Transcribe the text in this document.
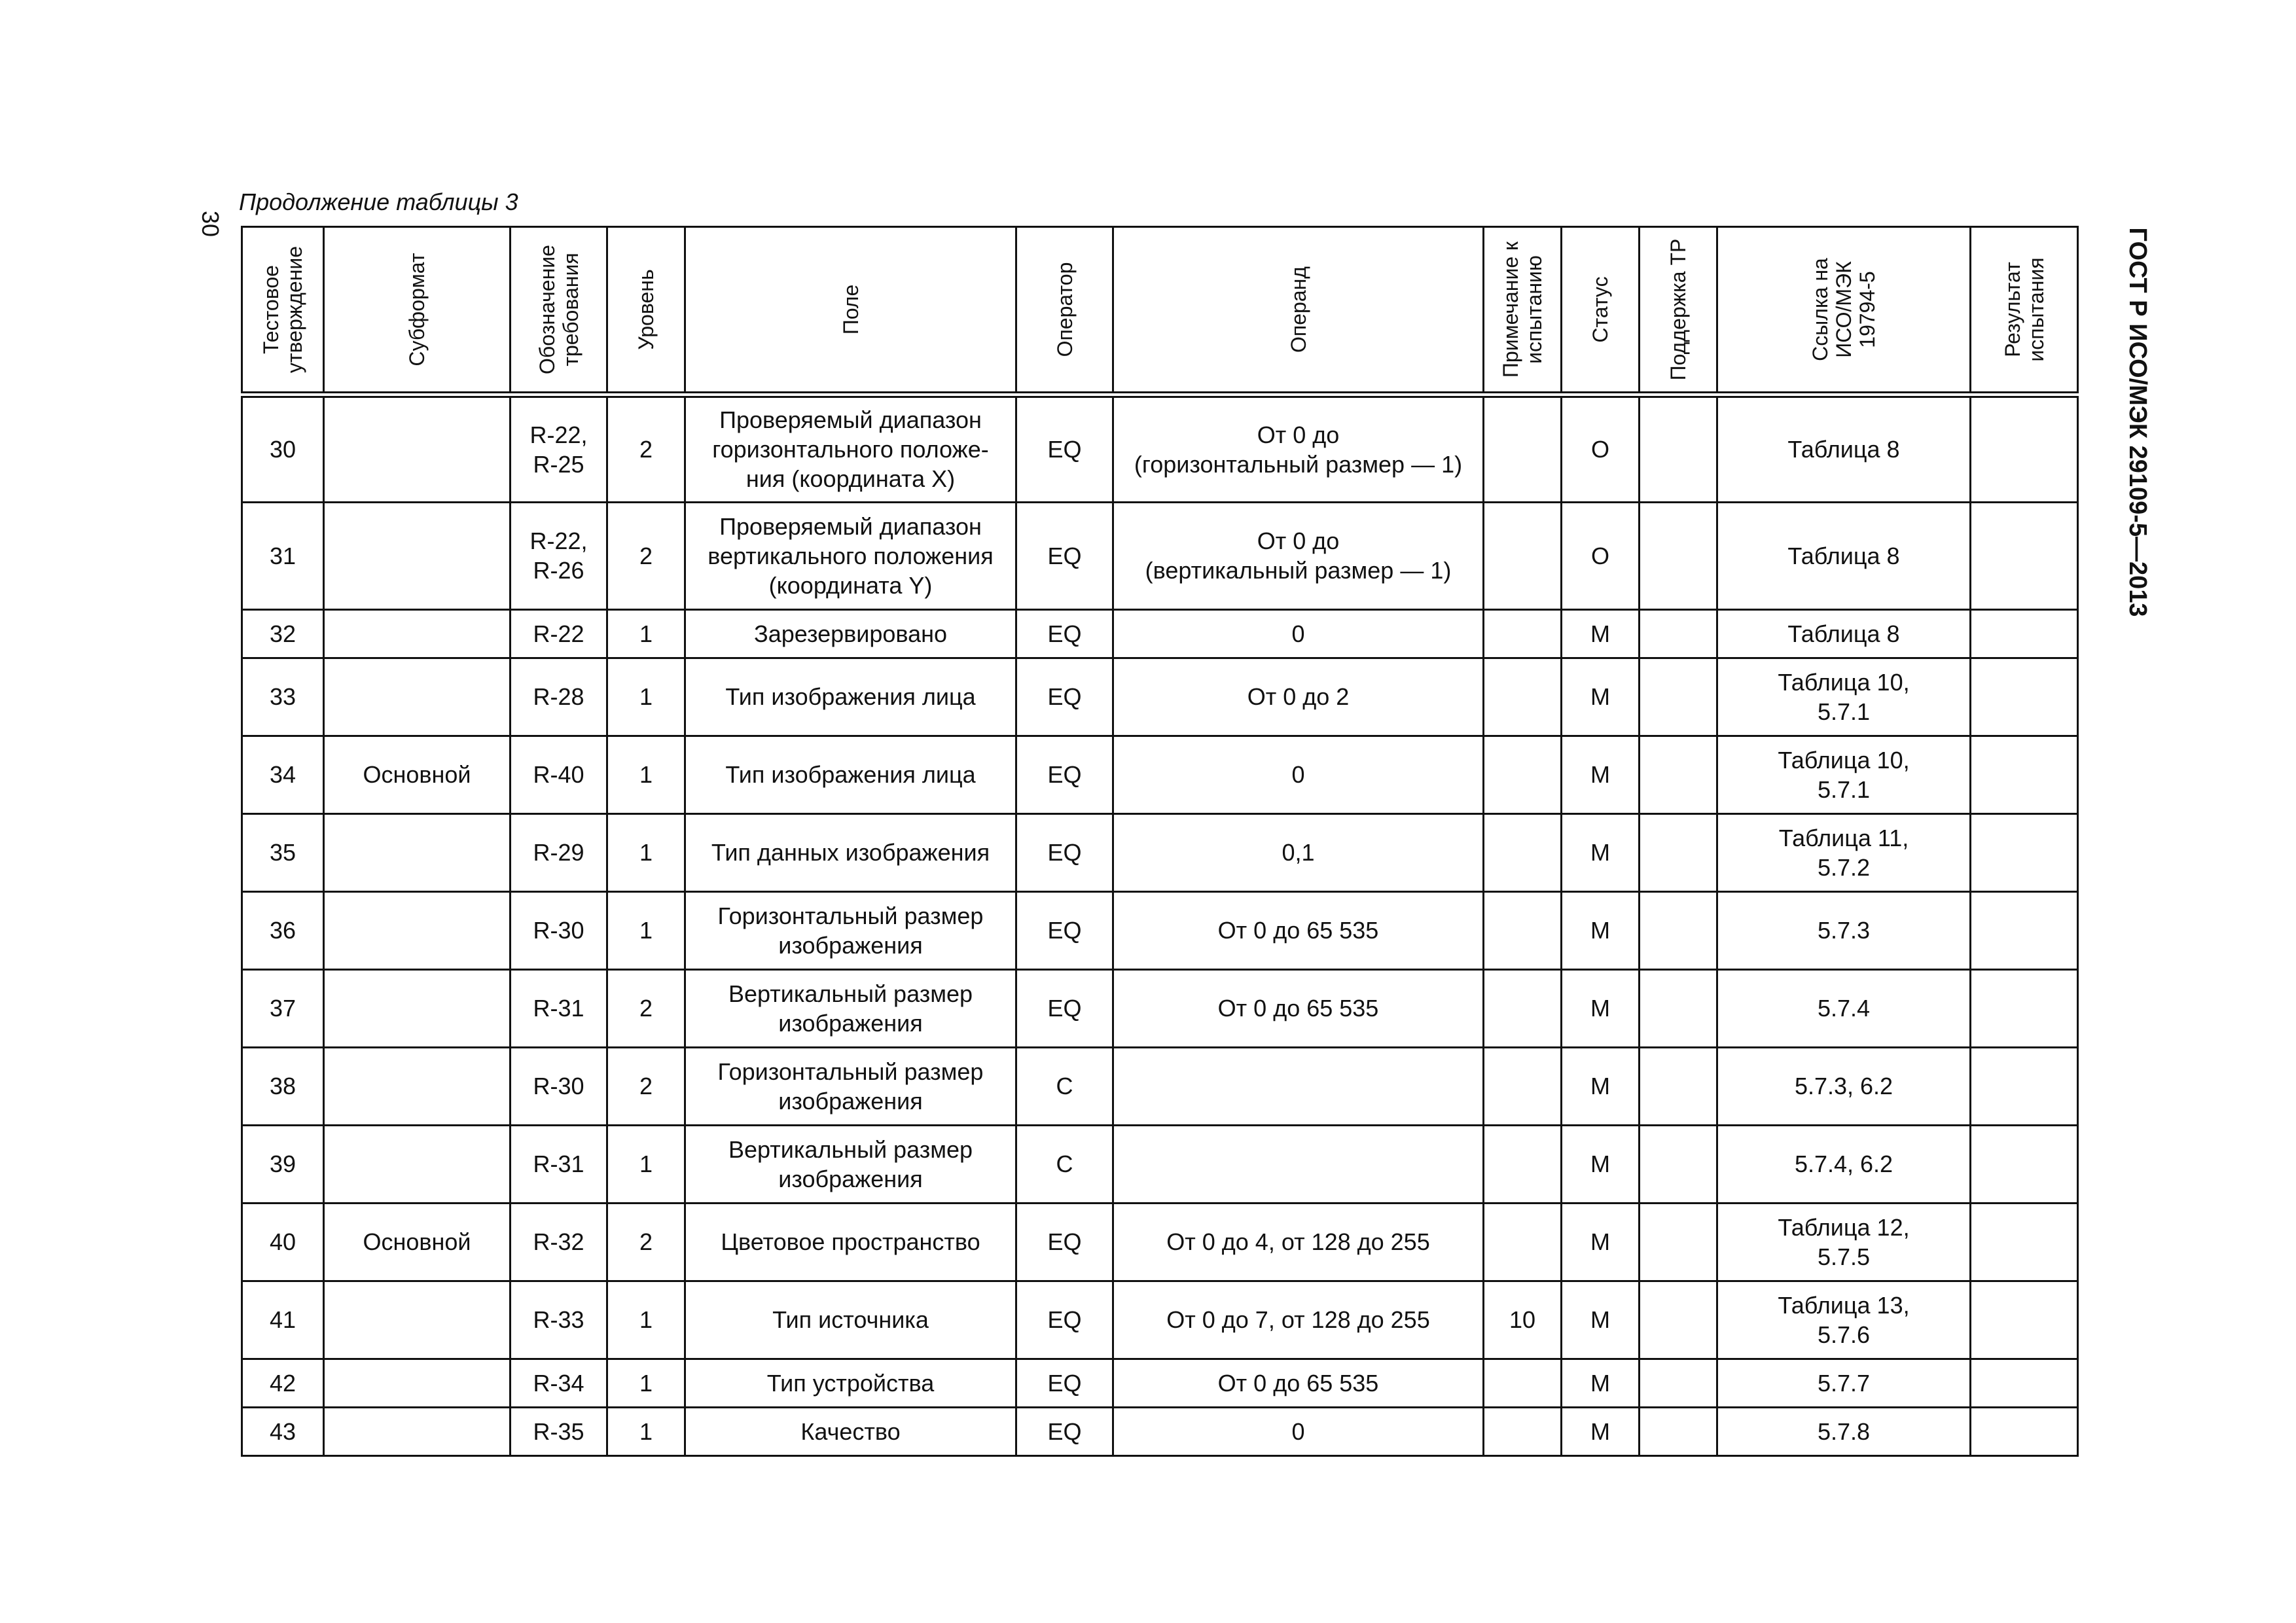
30
Продолжение таблицы 3
ГОСТ Р ИСО/МЭК 29109-5—2013
Тестовое утверждение	Субформат	Обозначение требования	Уровень	Поле	Оператор	Операнд	Примечание к испытанию	Статус	Поддержка ТР	Ссылка на ИСО/МЭК 19794-5	Результат испытания

30		R-22,
R-25	2	Проверяемый диапазон
горизонтального положе-
ния (координата X)	EQ	От 0 до
(горизонтальный размер — 1)		O		Таблица 8	
31		R-22,
R-26	2	Проверяемый диапазон
вертикального положения
(координата Y)	EQ	От 0 до
(вертикальный размер — 1)		O		Таблица 8	
32		R-22	1	Зарезервировано	EQ	0		M		Таблица 8	
33		R-28	1	Тип изображения лица	EQ	От 0 до 2		M		Таблица 10,
5.7.1	
34	Основной	R-40	1	Тип изображения лица	EQ	0		M		Таблица 10,
5.7.1	
35		R-29	1	Тип данных изображения	EQ	0,1		M		Таблица 11,
5.7.2	
36		R-30	1	Горизонтальный размер
изображения	EQ	От 0 до 65 535		M		5.7.3	
37		R-31	2	Вертикальный размер
изображения	EQ	От 0 до 65 535		M		5.7.4	
38		R-30	2	Горизонтальный размер
изображения	C			M		5.7.3, 6.2	
39		R-31	1	Вертикальный размер
изображения	C			M		5.7.4, 6.2	
40	Основной	R-32	2	Цветовое пространство	EQ	От 0 до 4, от 128 до 255		M		Таблица 12,
5.7.5	
41		R-33	1	Тип источника	EQ	От 0 до 7, от 128 до 255	10	M		Таблица 13,
5.7.6	
42		R-34	1	Тип устройства	EQ	От 0 до 65 535		M		5.7.7	
43		R-35	1	Качество	EQ	0		M		5.7.8	
